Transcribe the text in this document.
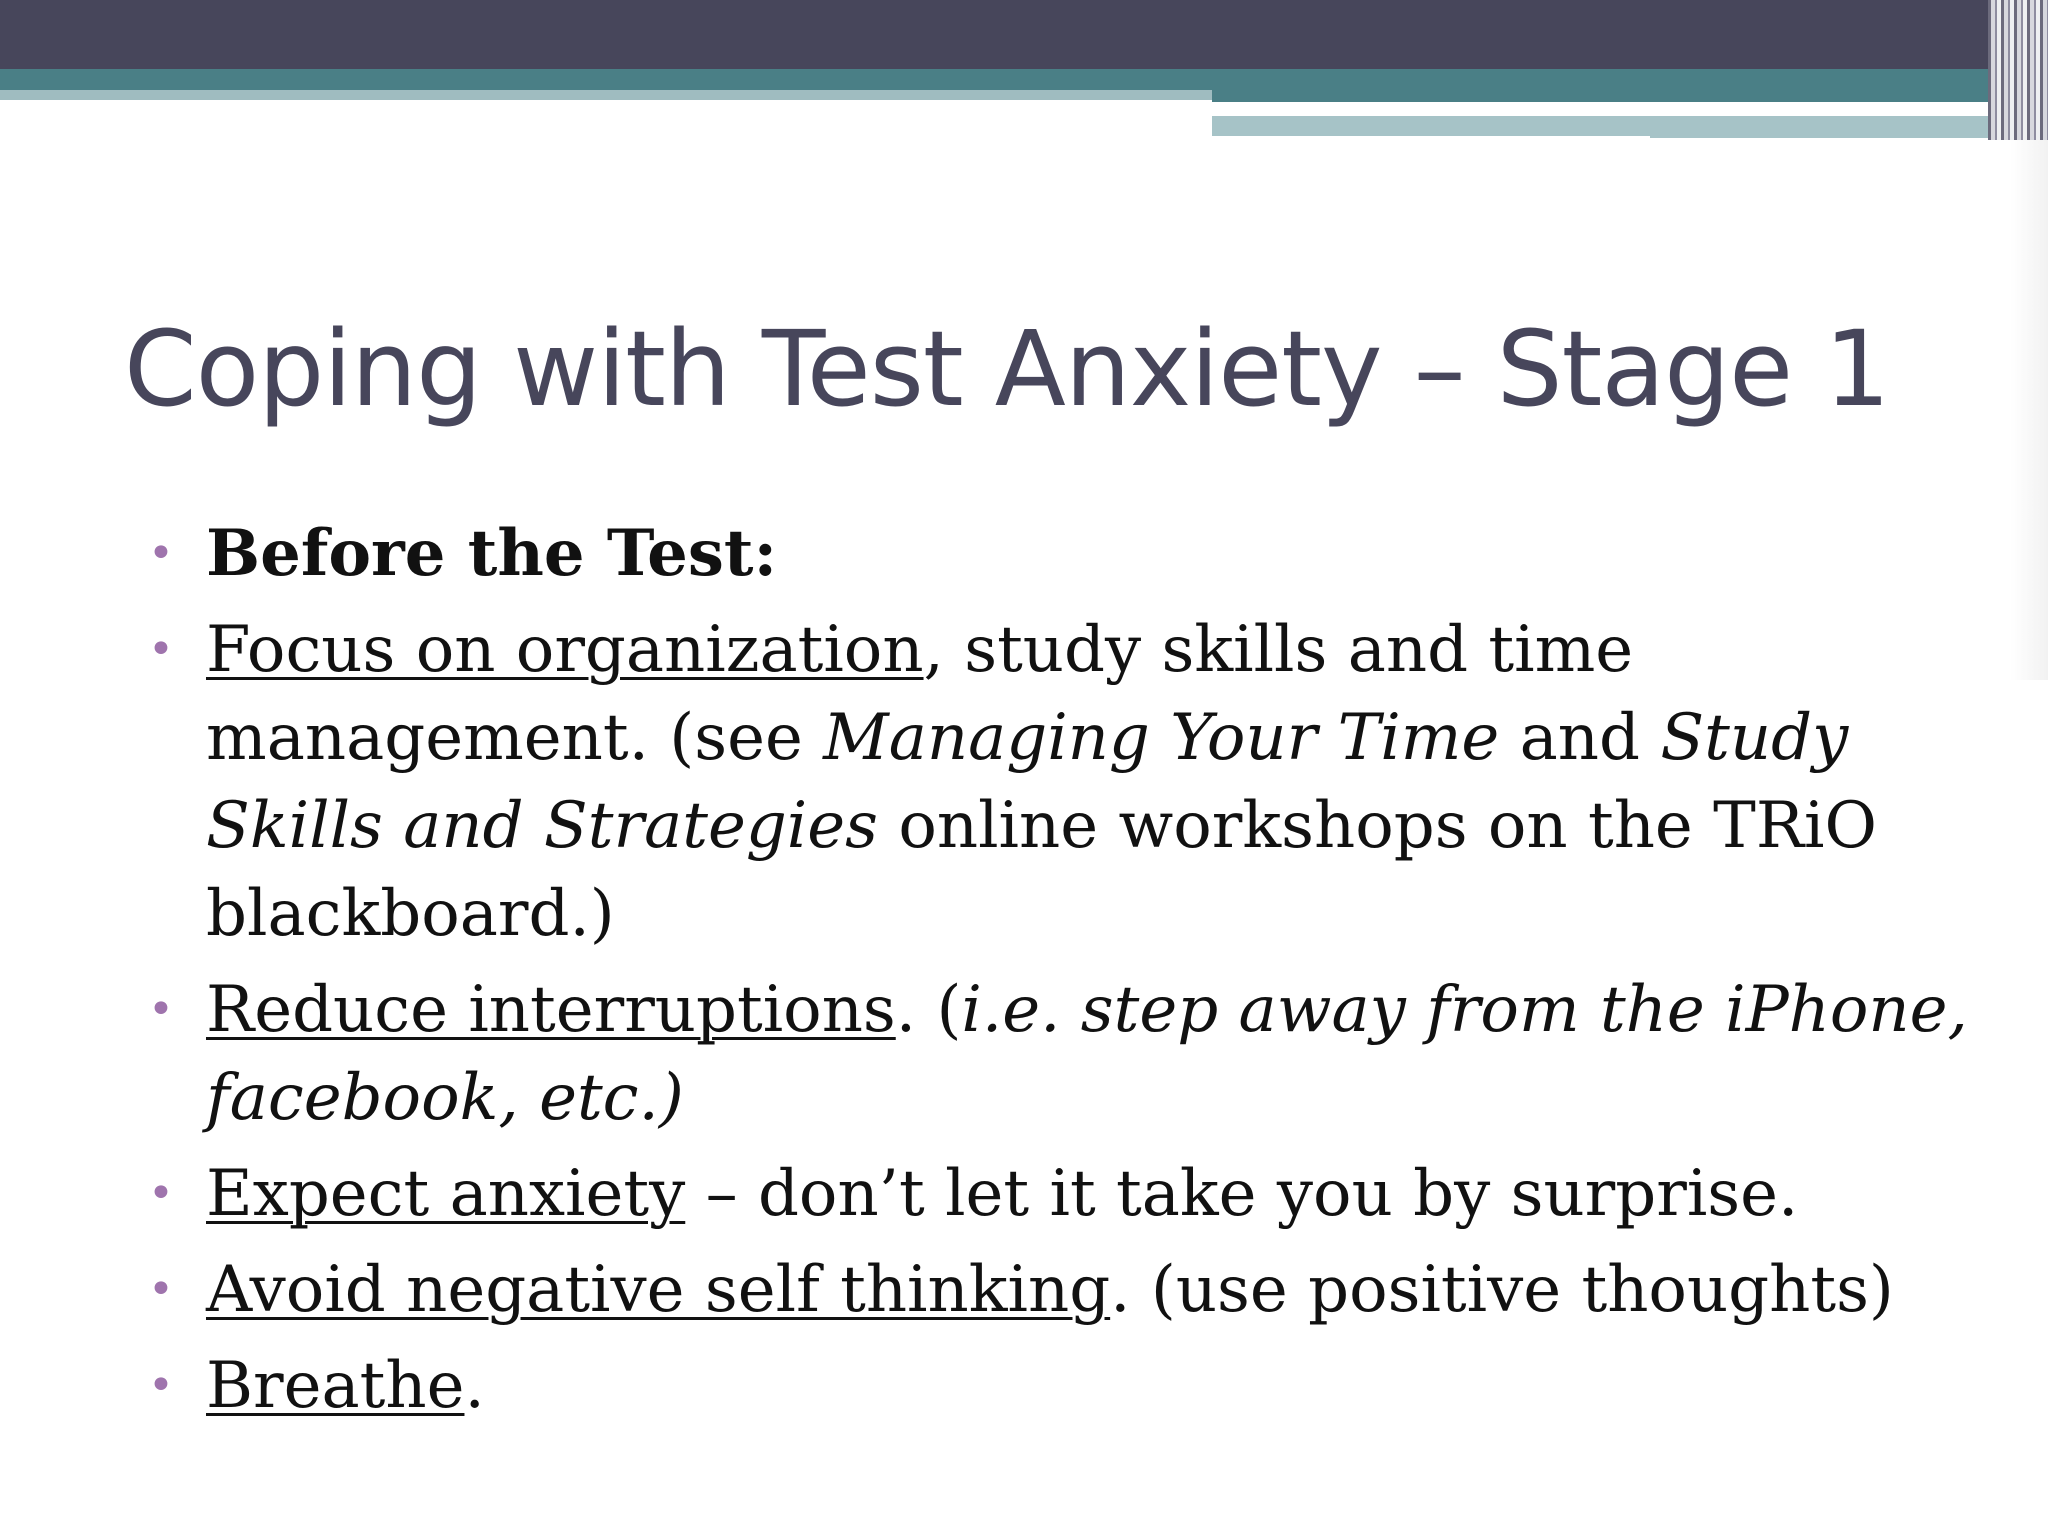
Coping with Test Anxiety – Stage 1
• Before the Test:
• Focus on organization, study skills and time management. (see Managing Your Time and Study Skills and Strategies online workshops on the TRiO blackboard.)
• Reduce interruptions. (i.e. step away from the iPhone, facebook, etc.)
• Expect anxiety – don’t let it take you by surprise.
• Avoid negative self thinking. (use positive thoughts)
• Breathe.
